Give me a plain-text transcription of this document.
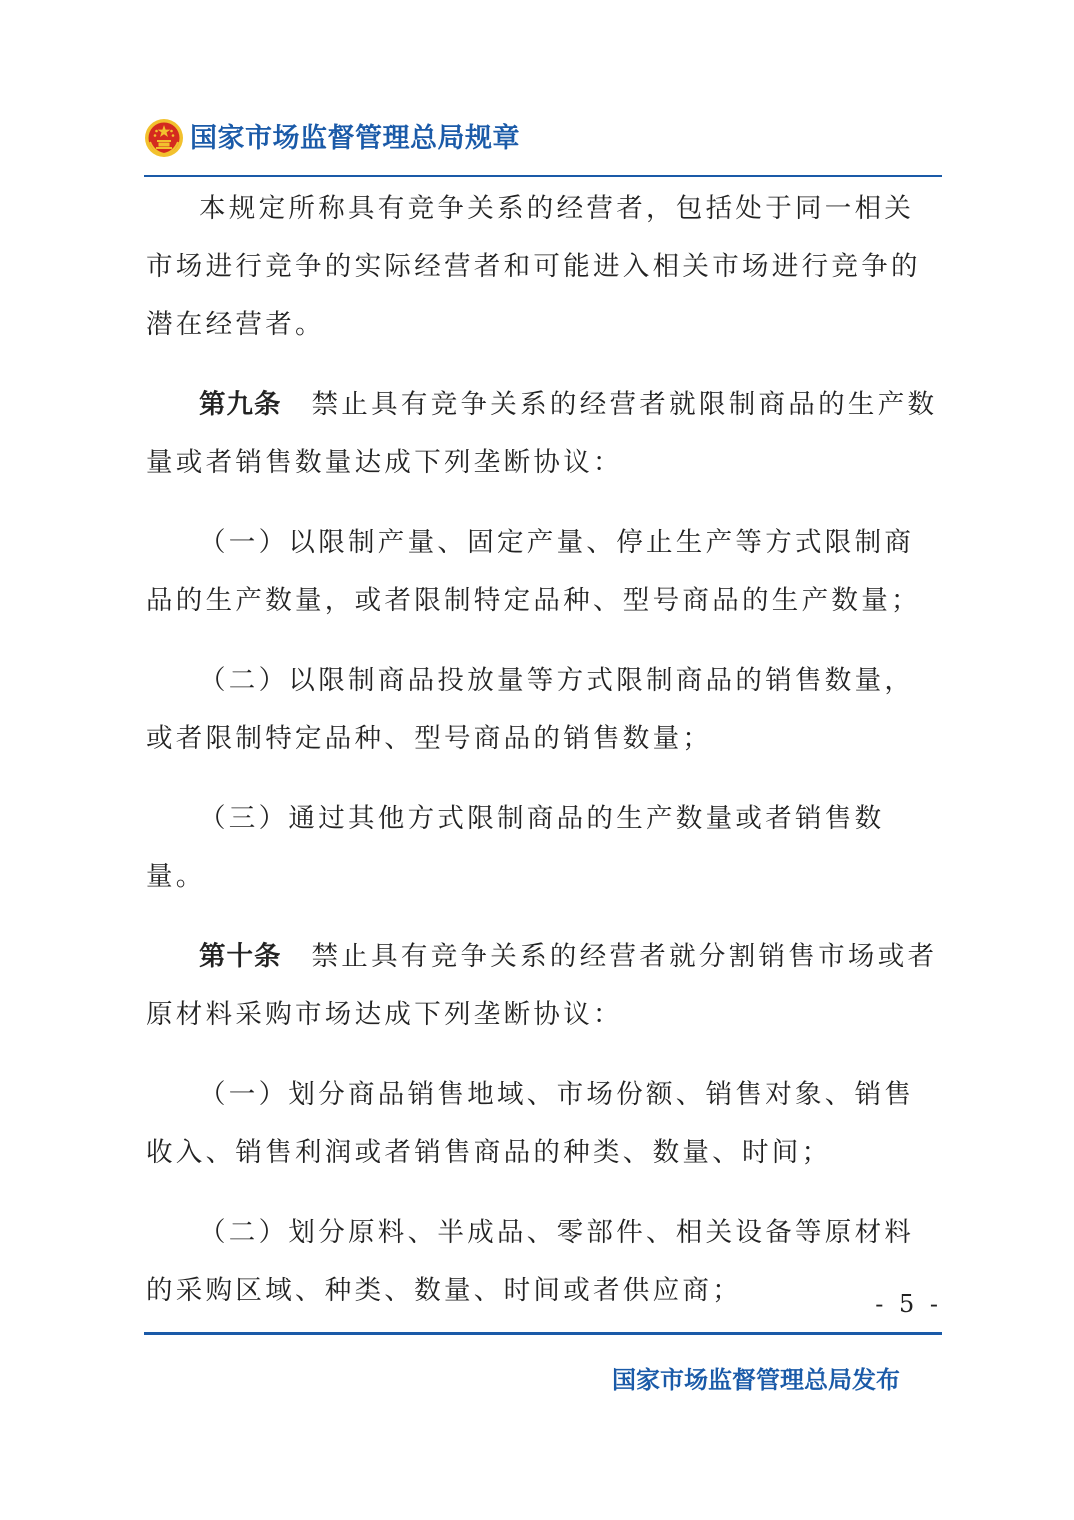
国家市场监督管理总局规章

本规定所称具有竞争关系的经营者，包括处于同一相关市场进行竞争的实际经营者和可能进入相关市场进行竞争的潜在经营者。

第九条 禁止具有竞争关系的经营者就限制商品的生产数量或者销售数量达成下列垄断协议：

（一）以限制产量、固定产量、停止生产等方式限制商品的生产数量，或者限制特定品种、型号商品的生产数量；

（二）以限制商品投放量等方式限制商品的销售数量，或者限制特定品种、型号商品的销售数量；

（三）通过其他方式限制商品的生产数量或者销售数量。

第十条 禁止具有竞争关系的经营者就分割销售市场或者原材料采购市场达成下列垄断协议：

（一）划分商品销售地域、市场份额、销售对象、销售收入、销售利润或者销售商品的种类、数量、时间；

（二）划分原料、半成品、零部件、相关设备等原材料的采购区域、种类、数量、时间或者供应商；	- 5 -
国家市场监督管理总局发布
